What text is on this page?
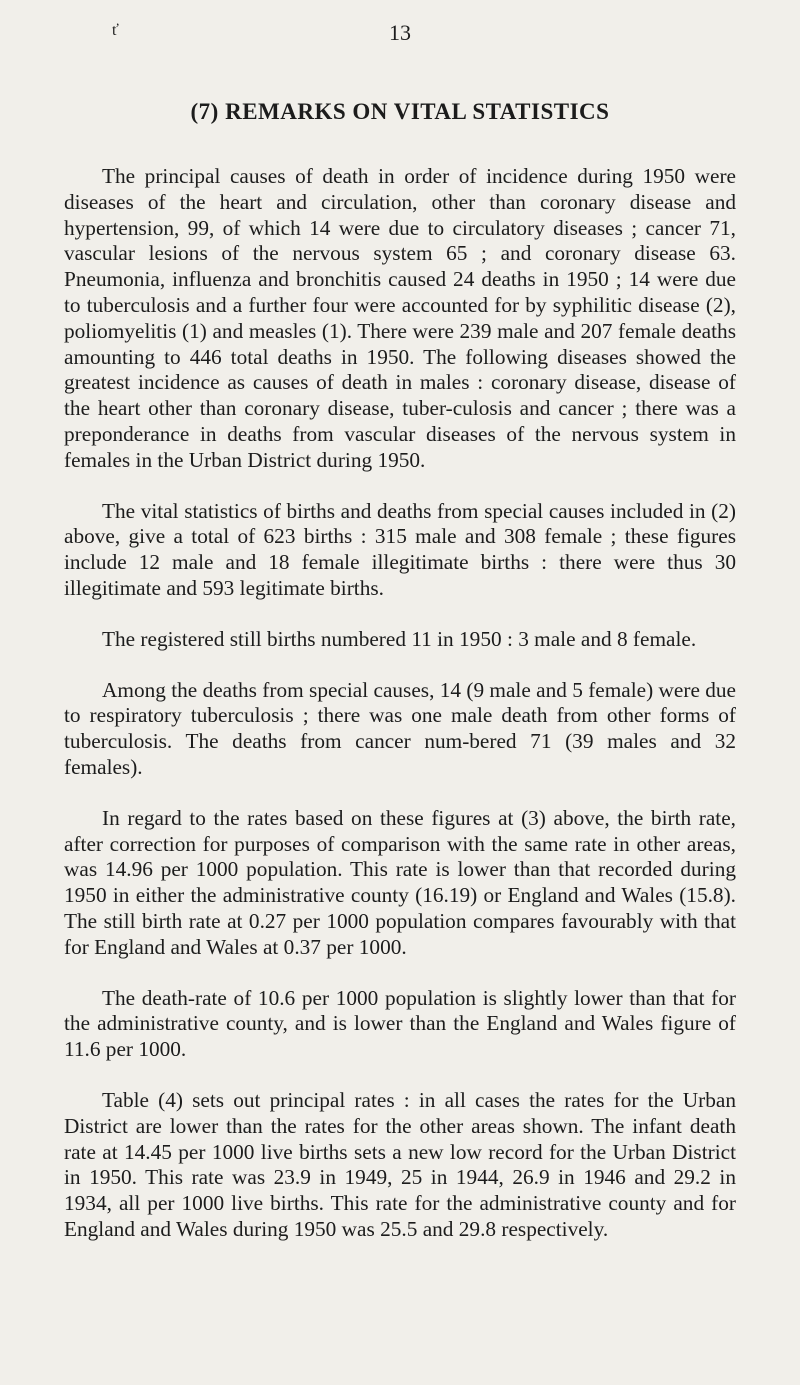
ť	13
(7) REMARKS ON VITAL STATISTICS

The principal causes of death in order of incidence during 1950 were diseases of the heart and circulation, other than coronary disease and hypertension, 99, of which 14 were due to circulatory diseases ; cancer 71, vascular lesions of the nervous system 65 ; and coronary disease 63. Pneumonia, influenza and bronchitis caused 24 deaths in 1950 ; 14 were due to tuberculosis and a further four were accounted for by syphilitic disease (2), poliomyelitis (1) and measles (1). There were 239 male and 207 female deaths amounting to 446 total deaths in 1950. The following diseases showed the greatest incidence as causes of death in males : coronary disease, disease of the heart other than coronary disease, tuber-culosis and cancer ; there was a preponderance in deaths from vascular diseases of the nervous system in females in the Urban District during 1950.

The vital statistics of births and deaths from special causes included in (2) above, give a total of 623 births : 315 male and 308 female ; these figures include 12 male and 18 female illegitimate births : there were thus 30 illegitimate and 593 legitimate births.

The registered still births numbered 11 in 1950 : 3 male and 8 female.

Among the deaths from special causes, 14 (9 male and 5 female) were due to respiratory tuberculosis ; there was one male death from other forms of tuberculosis. The deaths from cancer num-bered 71 (39 males and 32 females).

In regard to the rates based on these figures at (3) above, the birth rate, after correction for purposes of comparison with the same rate in other areas, was 14.96 per 1000 population. This rate is lower than that recorded during 1950 in either the administrative county (16.19) or England and Wales (15.8). The still birth rate at 0.27 per 1000 population compares favourably with that for England and Wales at 0.37 per 1000.

The death-rate of 10.6 per 1000 population is slightly lower than that for the administrative county, and is lower than the England and Wales figure of 11.6 per 1000.

Table (4) sets out principal rates : in all cases the rates for the Urban District are lower than the rates for the other areas shown. The infant death rate at 14.45 per 1000 live births sets a new low record for the Urban District in 1950. This rate was 23.9 in 1949, 25 in 1944, 26.9 in 1946 and 29.2 in 1934, all per 1000 live births. This rate for the administrative county and for England and Wales during 1950 was 25.5 and 29.8 respectively.
